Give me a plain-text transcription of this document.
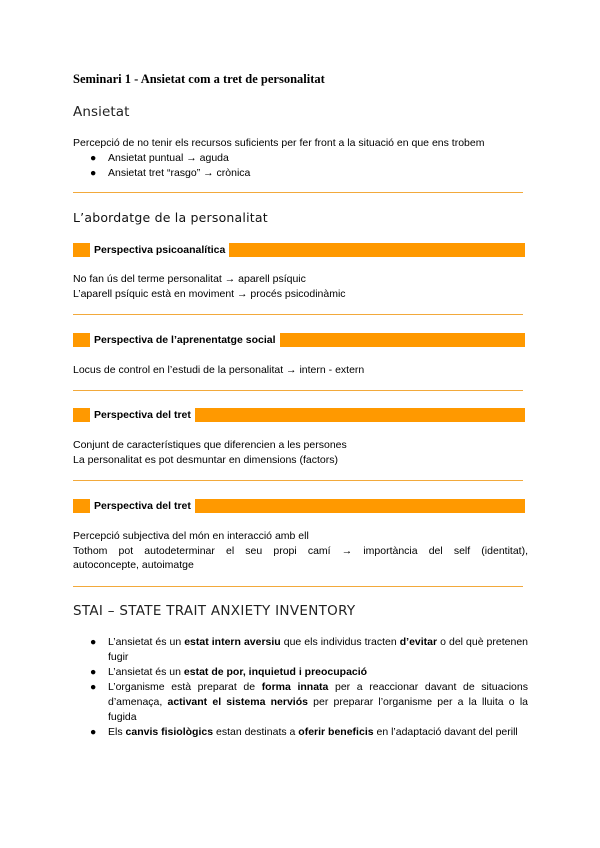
Seminari 1 - Ansietat com a tret de personalitat
Ansietat
Percepció de no tenir els recursos suficients per fer front a la situació en que ens trobem
● Ansietat puntual → aguda
● Ansietat tret “rasgo” → crònica
L’abordatge de la personalitat
Perspectiva psicoanalítica
No fan ús del terme personalitat → aparell psíquic
L’aparell psíquic està en moviment → procés psicodinàmic
Perspectiva de l’aprenentatge social
Locus de control en l’estudi de la personalitat → intern - extern
Perspectiva del tret
Conjunt de característiques que diferencien a les persones
La personalitat es pot desmuntar en dimensions (factors)
Perspectiva del tret
Percepció subjectiva del món en interacció amb ell
Tothom pot autodeterminar el seu propi camí → importància del self (identitat),
autoconcepte, autoimatge
STAI – STATE TRAIT ANXIETY INVENTORY
● L’ansietat és un estat intern aversiu que els individus tracten d’evitar o del què pretenen fugir
● L’ansietat és un estat de por, inquietud i preocupació
● L’organisme està preparat de forma innata per a reaccionar davant de situacions d’amenaça, activant el sistema nerviós per preparar l’organisme per a la lluita o la fugida
● Els canvis fisiològics estan destinats a oferir beneficis en l’adaptació davant del perill
